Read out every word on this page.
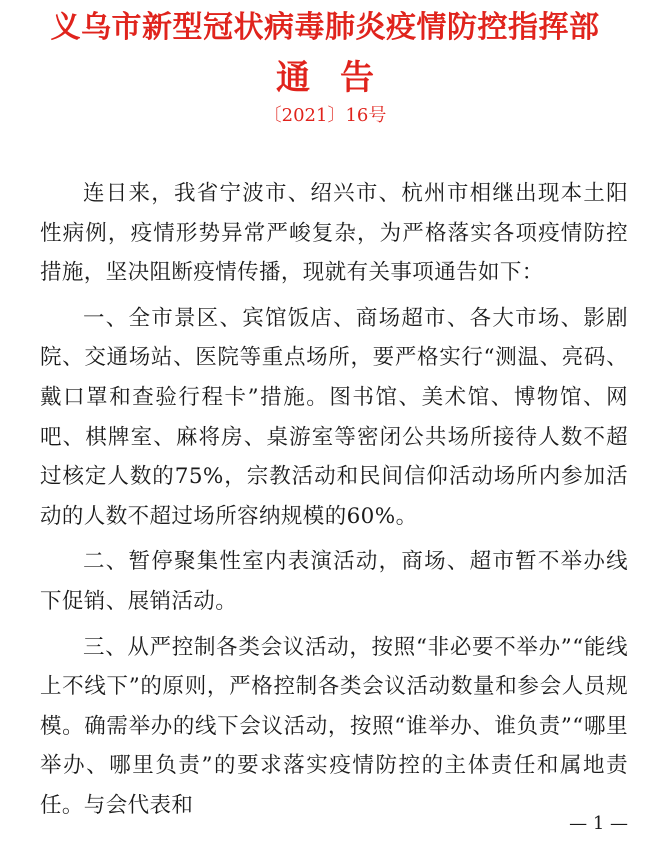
义乌市新型冠状病毒肺炎疫情防控指挥部
通告
〔2021〕16号

连日来，我省宁波市、绍兴市、杭州市相继出现本土阳性病例，疫情形势异常严峻复杂，为严格落实各项疫情防控措施，坚决阻断疫情传播，现就有关事项通告如下：

一、全市景区、宾馆饭店、商场超市、各大市场、影剧院、交通场站、医院等重点场所，要严格实行“测温、亮码、戴口罩和查验行程卡”措施。图书馆、美术馆、博物馆、网吧、棋牌室、麻将房、桌游室等密闭公共场所接待人数不超过核定人数的75%，宗教活动和民间信仰活动场所内参加活动的人数不超过场所容纳规模的60%。

二、暂停聚集性室内表演活动，商场、超市暂不举办线下促销、展销活动。

三、从严控制各类会议活动，按照“非必要不举办”“能线上不线下”的原则，严格控制各类会议活动数量和参会人员规模。确需举办的线下会议活动，按照“谁举办、谁负责”“哪里举办、哪里负责”的要求落实疫情防控的主体责任和属地责任。与会代表和

— 1 —
